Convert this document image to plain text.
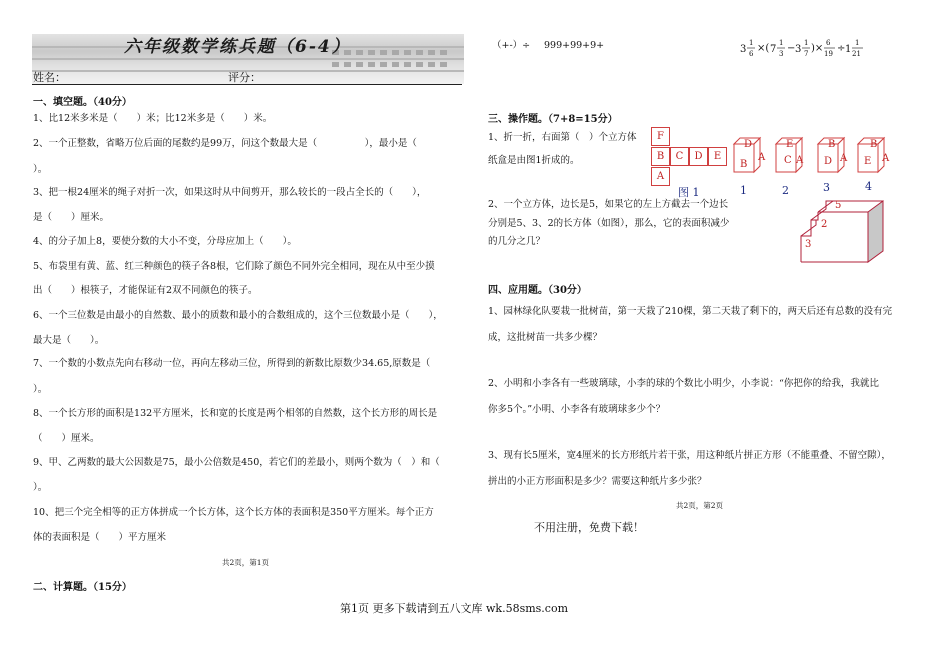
六年级数学练兵题（6-4）
姓名：	评分：
一、填空题。（40分）
1、比12米多米是（　　）米；比12米多是（　　）米。
2、一个正整数，省略万位后面的尾数约是99万，问这个数最大是（　　　　　），最小是（
）。
3、把一根24厘米的绳子对折一次，如果这时从中间剪开，那么较长的一段占全长的（　　），
是（　　）厘米。
4、的分子加上8，要使分数的大小不变，分母应加上（　　）。
5、布袋里有黄、蓝、红三种颜色的筷子各8根，它们除了颜色不同外完全相同，现在从中至少摸
出（　　）根筷子，才能保证有2双不同颜色的筷子。
6、一个三位数是由最小的自然数、最小的质数和最小的合数组成的，这个三位数最小是（　　），
最大是（　　）。
7、一个数的小数点先向右移动一位，再向左移动三位，所得到的新数比原数少34.65,原数是（
）。
8、一个长方形的面积是132平方厘米，长和宽的长度是两个相邻的自然数，这个长方形的周长是
（　　）厘米。
9、甲、乙两数的最大公因数是75，最小公倍数是450，若它们的差最小，则两个数为（　）和（
）。
10、把三个完全相等的正方体拼成一个长方体，这个长方体的表面积是350平方厘米。每个正方
体的表面积是（　　）平方厘米
共2页，第1页
二、计算题。（15分）
（+-）÷ 999+99+9+	3
1
6 ×( 7
1
3 − 3
1
7 )× 6
19 ÷ 1
1
21
三、操作题。（7+8=15分）
1、折一折，右面第（　）个立方体
纸盒是由图1折成的。
F
B	C	D	E
A
图 1
D
B
A
E
C A
B
D A
B
E A
1	2	3	4
2、一个立方体，边长是5，如果它的左上方截去一个边长
分别是5、3、2的长方体（如图），那么，它的表面积减少
的几分之几？
5
2
3
四、应用题。（30分）
1、园林绿化队要栽一批树苗，第一天栽了210棵，第二天栽了剩下的，两天后还有总数的没有完
成，这批树苗一共多少棵？
2、小明和小李各有一些玻璃球，小李的球的个数比小明少，小李说：“你把你的给我，我就比
你多5个。”小明、小李各有玻璃球多少个？
3、现有长5厘米，宽4厘米的长方形纸片若干张，用这种纸片拼正方形（不能重叠、不留空隙），
拼出的小正方形面积是多少？需要这种纸片多少张？
共2页，第2页
不用注册，免费下载！
第1页 更多下载请到五八文库 wk.58sms.com
